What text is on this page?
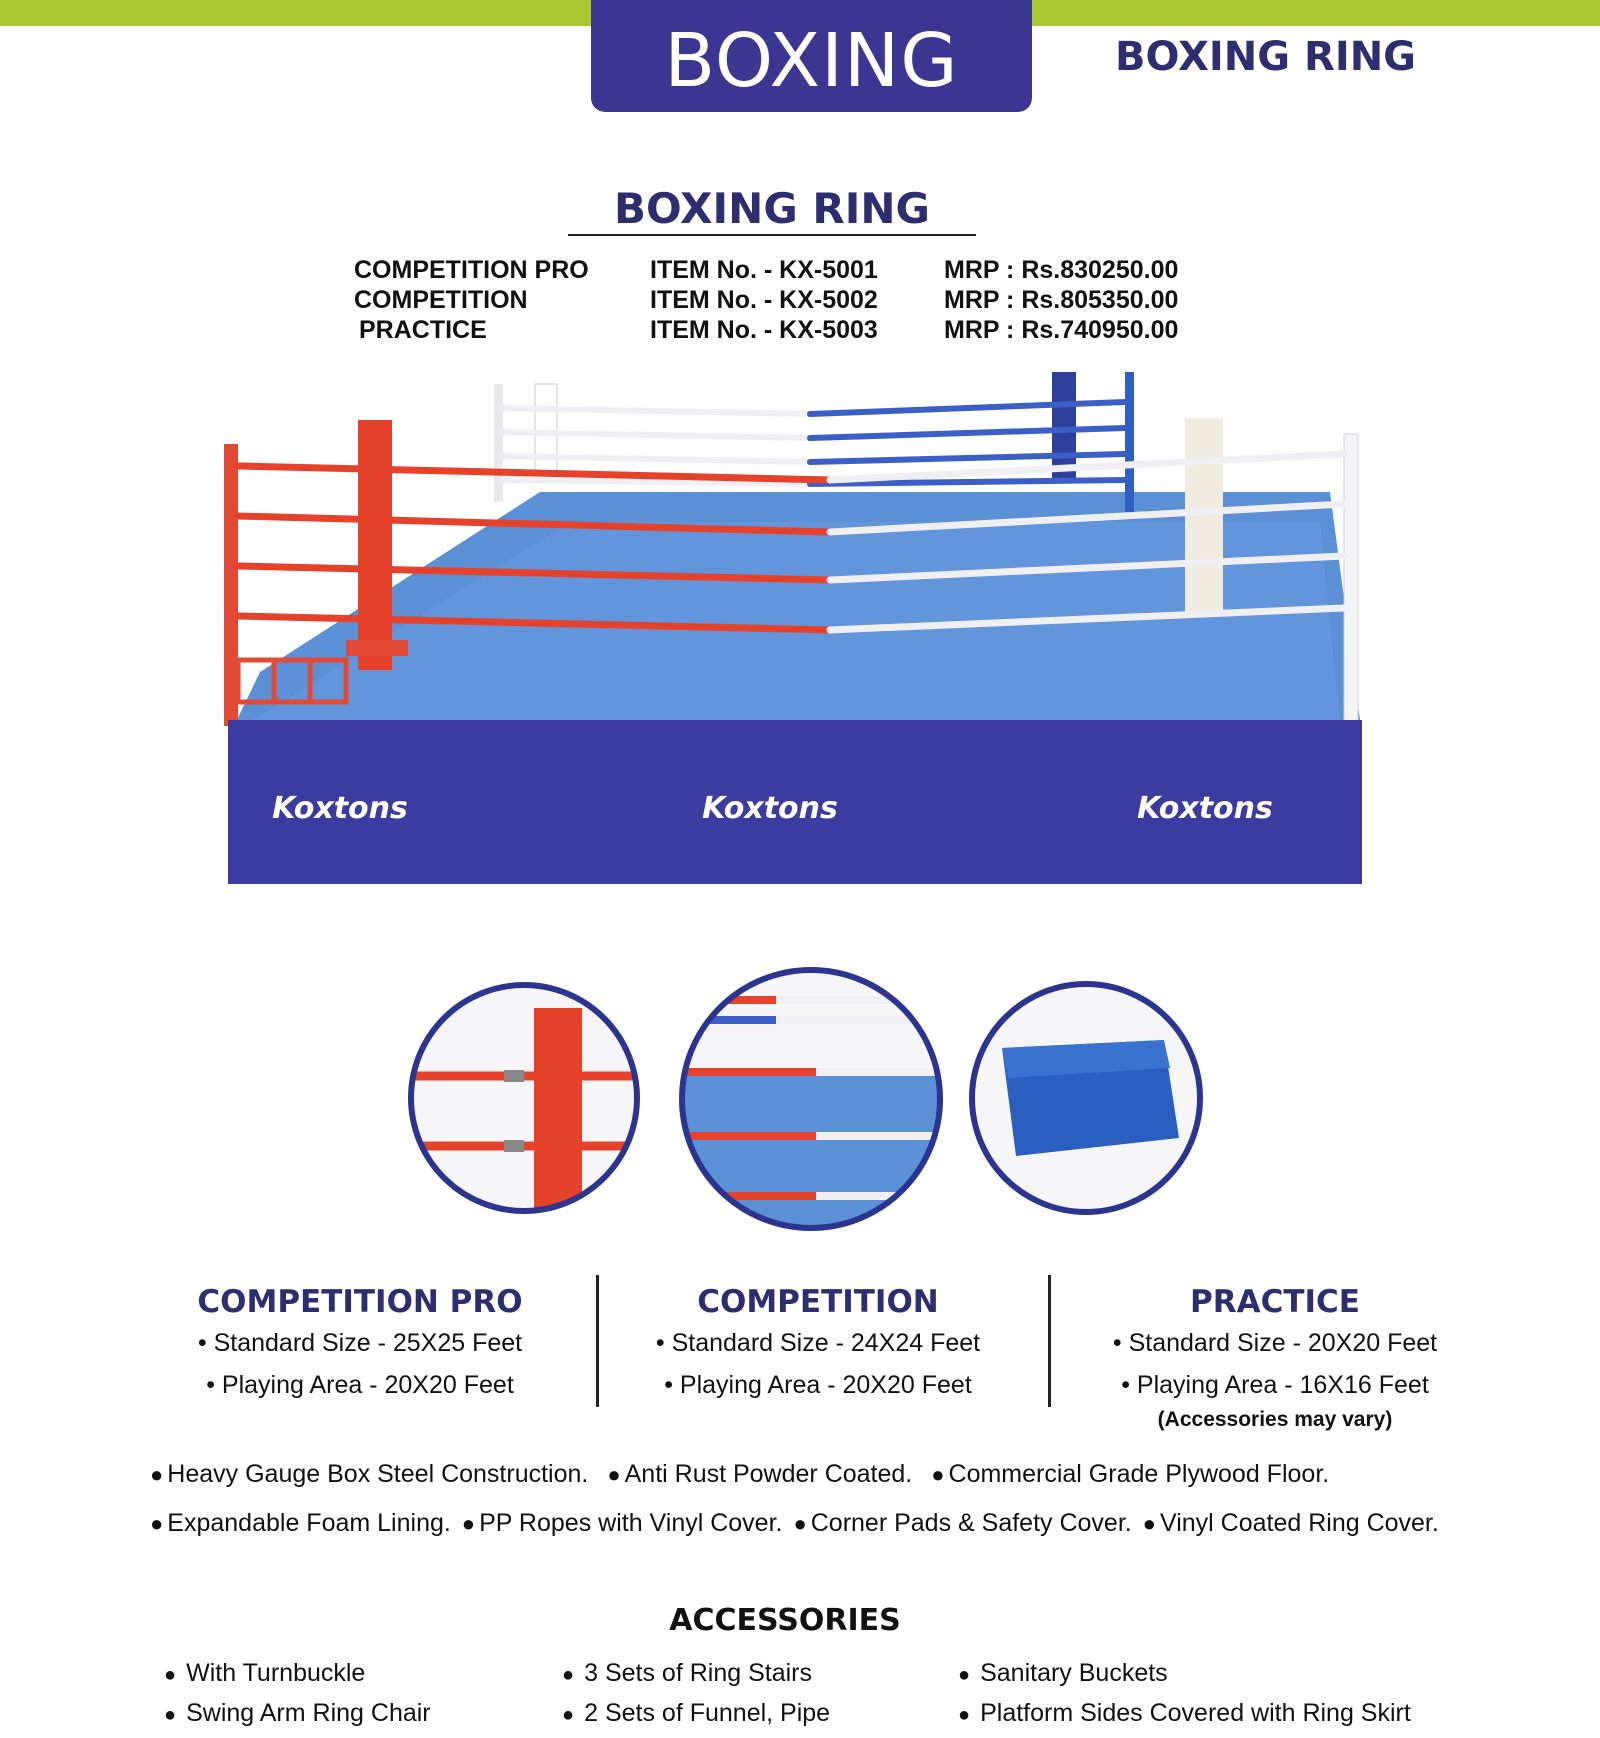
BOXING	BOXING RING
BOXING RING
COMPETITION PRO ITEM No. - KX-5001	MRP : Rs.830250.00
COMPETITION	ITEM No. - KX-5002	MRP : Rs.805350.00
PRACTICE	ITEM No. - KX-5003	MRP : Rs.740950.00
Koxtons	Koxtons	Koxtons
COMPETITION PRO
• Standard Size - 25X25 Feet
• Playing Area - 20X20 Feet
COMPETITION
• Standard Size - 24X24 Feet
• Playing Area - 20X20 Feet
PRACTICE
• Standard Size - 20X20 Feet
• Playing Area - 16X16 Feet
(Accessories may vary)
● Heavy Gauge Box Steel Construction. ● Anti Rust Powder Coated. ● Commercial Grade Plywood Floor.
● Expandable Foam Lining. ● PP Ropes with Vinyl Cover. ● Corner Pads & Safety Cover. ● Vinyl Coated Ring Cover.
ACCESSORIES
● With Turnbuckle
● Swing Arm Ring Chair
● 3 Sets of Ring Stairs
● 2 Sets of Funnel, Pipe
● Sanitary Buckets
● Platform Sides Covered with Ring Skirt
